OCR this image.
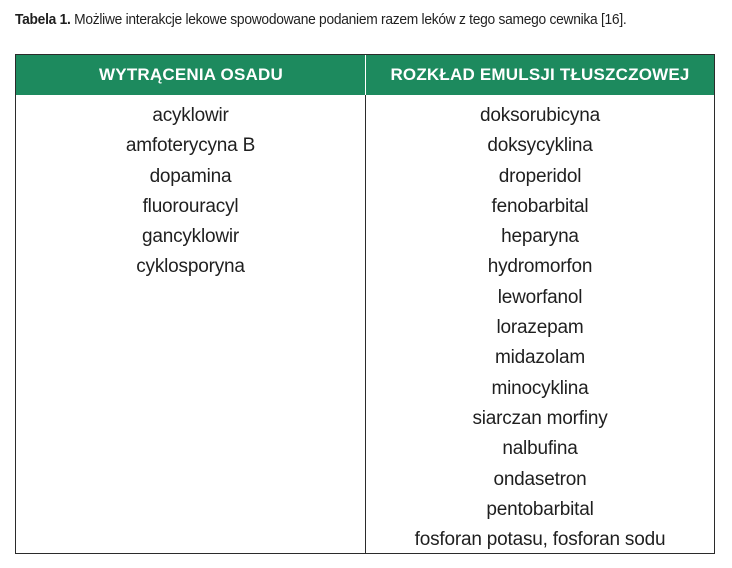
Tabela 1. Możliwe interakcje lekowe spowodowane podaniem razem leków z tego samego cewnika [16].
WYTRĄCENIA OSADU	ROZKŁAD EMULSJI TŁUSZCZOWEJ
acyklowir
amfoterycyna B
dopamina
fluorouracyl
gancyklowir
cyklosporyna
doksorubicyna
doksycyklina
droperidol
fenobarbital
heparyna
hydromorfon
leworfanol
lorazepam
midazolam
minocyklina
siarczan morfiny
nalbufina
ondasetron
pentobarbital
fosforan potasu, fosforan sodu
